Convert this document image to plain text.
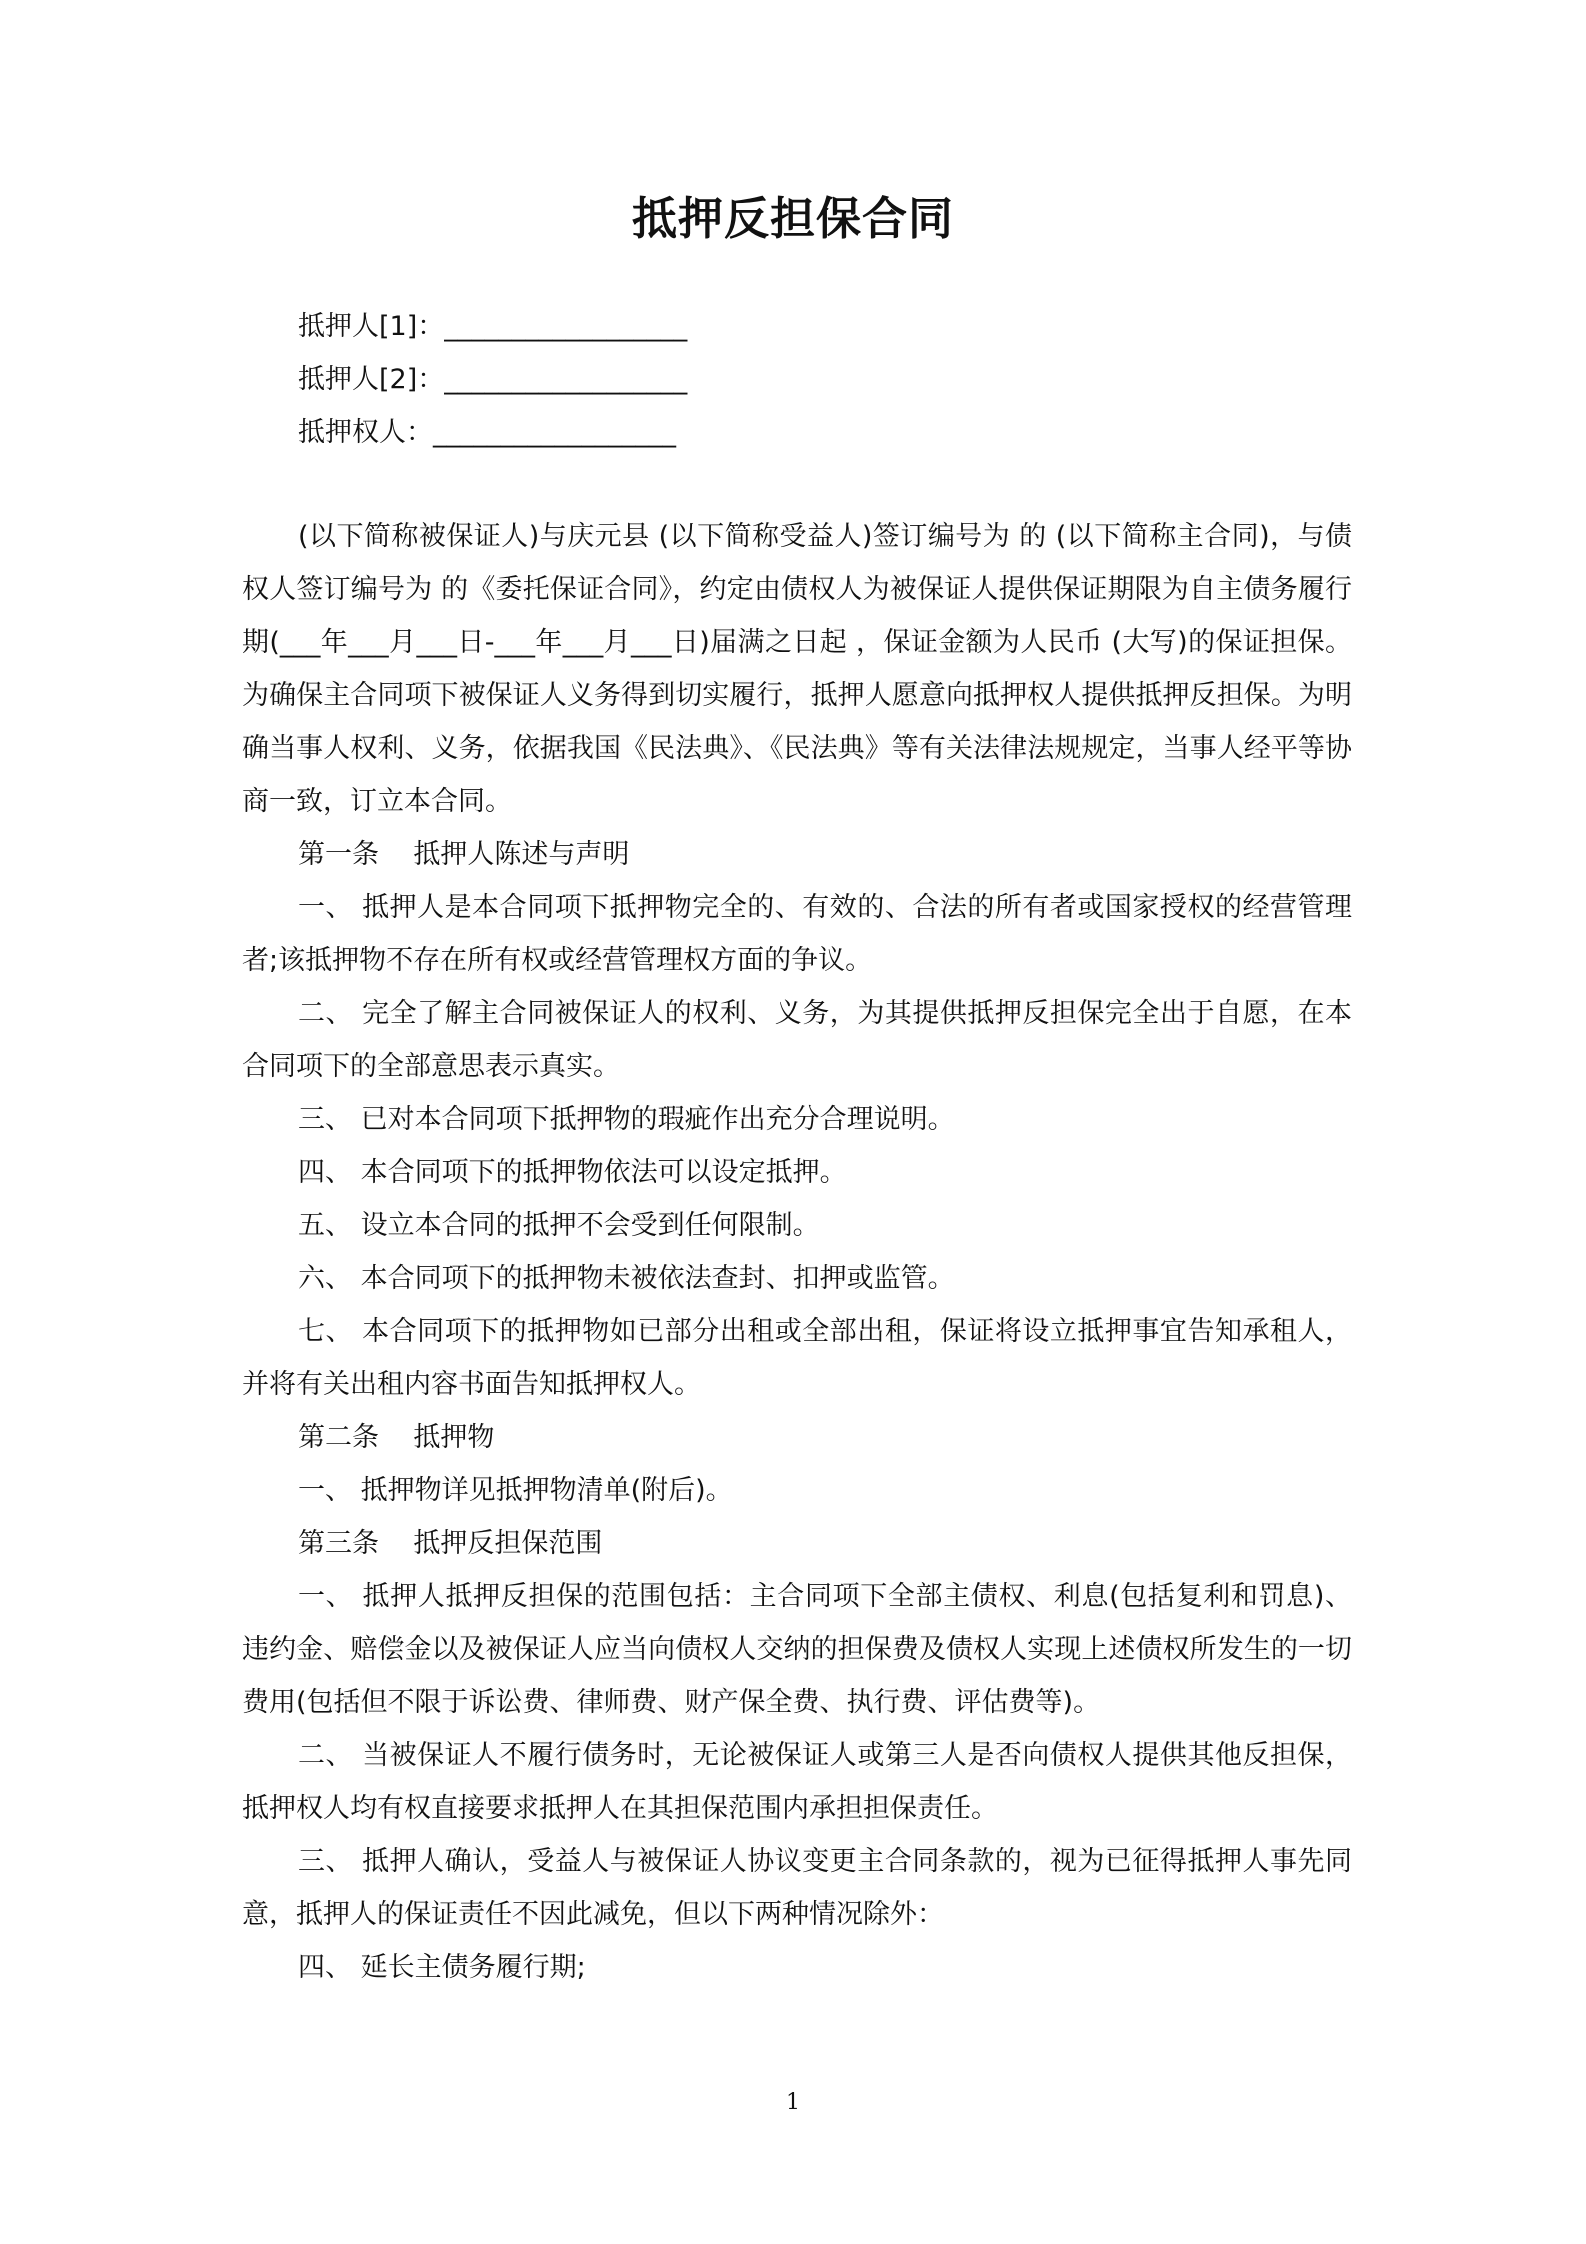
抵押反担保合同
抵押人[1]：__________________
抵押人[2]：__________________
抵押权人：__________________

(以下简称被保证人)与庆元县 (以下简称受益人)签订编号为 的 (以下简称主合同)，与债权人签订编号为 的《委托保证合同》，约定由债权人为被保证人提供保证期限为自主债务履行期(___年___月___日-___年___月___日)届满之日起 ，保证金额为人民币 (大写)的保证担保。为确保主合同项下被保证人义务得到切实履行，抵押人愿意向抵押权人提供抵押反担保。为明确当事人权利、义务，依据我国《民法典》、《民法典》等有关法律法规规定，当事人经平等协商一致，订立本合同。

第一条    抵押人陈述与声明

一、 抵押人是本合同项下抵押物完全的、有效的、合法的所有者或国家授权的经营管理者;该抵押物不存在所有权或经营管理权方面的争议。

二、 完全了解主合同被保证人的权利、义务，为其提供抵押反担保完全出于自愿，在本合同项下的全部意思表示真实。

三、 已对本合同项下抵押物的瑕疵作出充分合理说明。

四、 本合同项下的抵押物依法可以设定抵押。

五、 设立本合同的抵押不会受到任何限制。

六、 本合同项下的抵押物未被依法查封、扣押或监管。

七、 本合同项下的抵押物如已部分出租或全部出租，保证将设立抵押事宜告知承租人，并将有关出租内容书面告知抵押权人。

第二条    抵押物

一、 抵押物详见抵押物清单(附后)。

第三条    抵押反担保范围

一、 抵押人抵押反担保的范围包括：主合同项下全部主债权、利息(包括复利和罚息)、违约金、赔偿金以及被保证人应当向债权人交纳的担保费及债权人实现上述债权所发生的一切费用(包括但不限于诉讼费、律师费、财产保全费、执行费、评估费等)。

二、 当被保证人不履行债务时，无论被保证人或第三人是否向债权人提供其他反担保，抵押权人均有权直接要求抵押人在其担保范围内承担担保责任。

三、 抵押人确认，受益人与被保证人协议变更主合同条款的，视为已征得抵押人事先同意，抵押人的保证责任不因此减免，但以下两种情况除外：

四、 延长主债务履行期;

1
